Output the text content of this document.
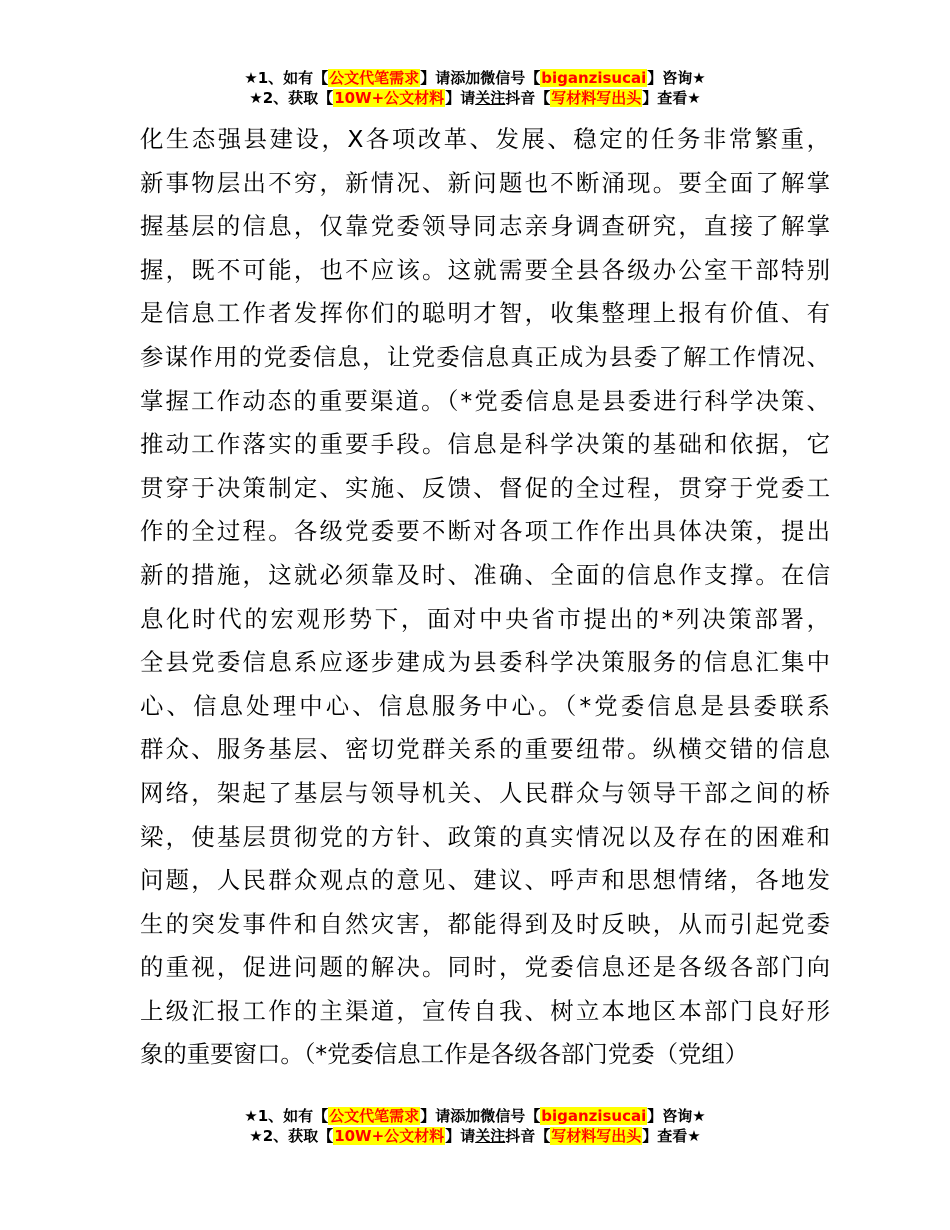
★1、如有【公文代笔需求】请添加微信号【biganzisucai】咨询★
★2、获取【10W+公文材料】请关注抖音【写材料写出头】查看★
化生态强县建设，X各项改革、发展、稳定的任务非常繁重，
新事物层出不穷，新情况、新问题也不断涌现。要全面了解掌
握基层的信息，仅靠党委领导同志亲身调查研究，直接了解掌
握，既不可能，也不应该。这就需要全县各级办公室干部特别
是信息工作者发挥你们的聪明才智，收集整理上报有价值、有
参谋作用的党委信息，让党委信息真正成为县委了解工作情况、
掌握工作动态的重要渠道。（*党委信息是县委进行科学决策、
推动工作落实的重要手段。信息是科学决策的基础和依据，它
贯穿于决策制定、实施、反馈、督促的全过程，贯穿于党委工
作的全过程。各级党委要不断对各项工作作出具体决策，提出
新的措施，这就必须靠及时、准确、全面的信息作支撑。在信
息化时代的宏观形势下，面对中央省市提出的*列决策部署，
全县党委信息系应逐步建成为县委科学决策服务的信息汇集中
心、信息处理中心、信息服务中心。（*党委信息是县委联系
群众、服务基层、密切党群关系的重要纽带。纵横交错的信息
网络，架起了基层与领导机关、人民群众与领导干部之间的桥
梁，使基层贯彻党的方针、政策的真实情况以及存在的困难和
问题，人民群众观点的意见、建议、呼声和思想情绪，各地发
生的突发事件和自然灾害，都能得到及时反映，从而引起党委
的重视，促进问题的解决。同时，党委信息还是各级各部门向
上级汇报工作的主渠道，宣传自我、树立本地区本部门良好形
象的重要窗口。（*党委信息工作是各级各部门党委（党组）
★1、如有【公文代笔需求】请添加微信号【biganzisucai】咨询★
★2、获取【10W+公文材料】请关注抖音【写材料写出头】查看★
